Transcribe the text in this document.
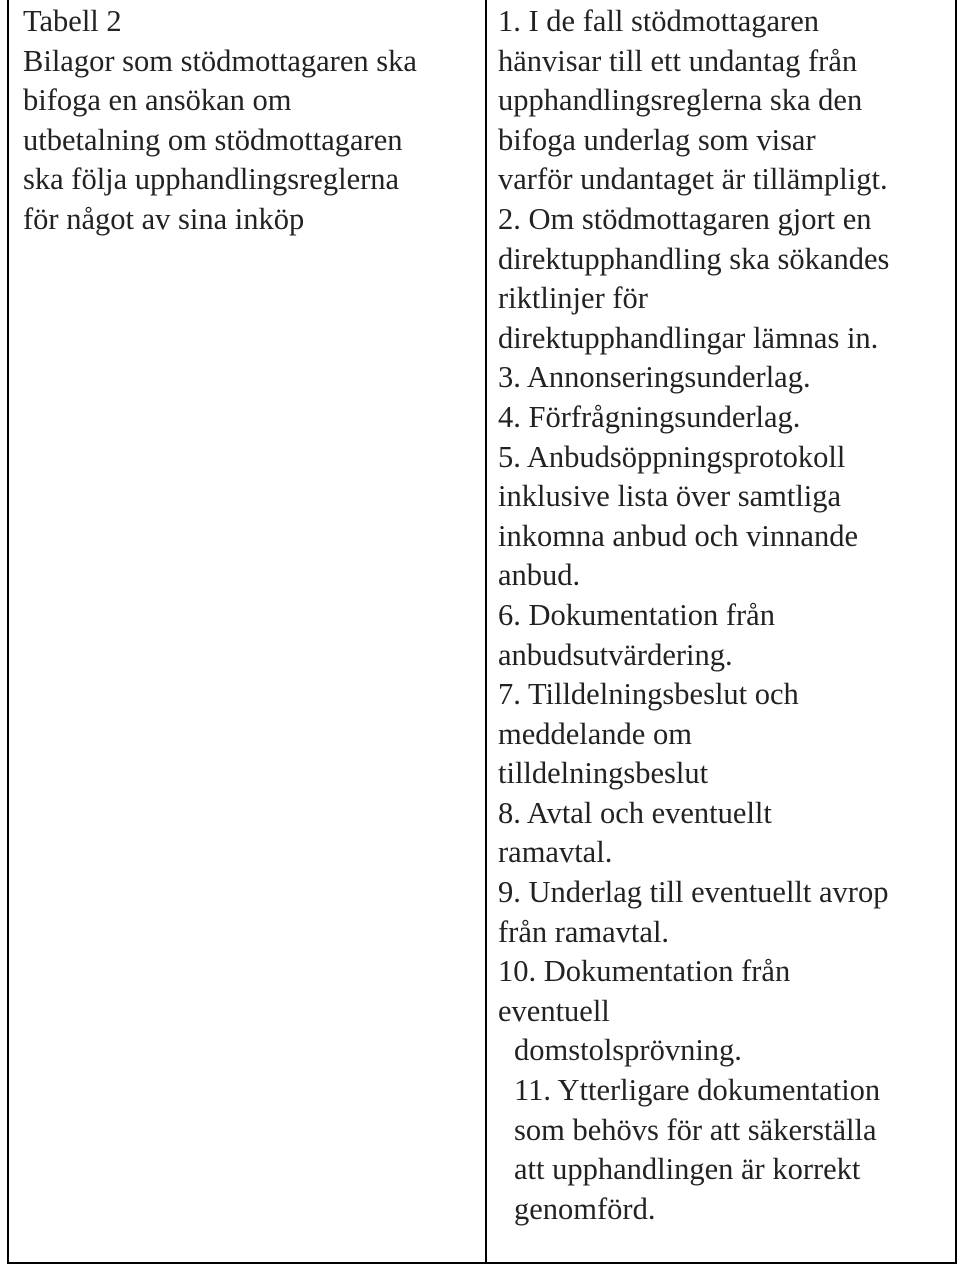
Tabell 2
Bilagor som stödmottagaren ska
bifoga en ansökan om
utbetalning om stödmottagaren
ska följa upphandlingsreglerna
för något av sina inköp
1. I de fall stödmottagaren
hänvisar till ett undantag från
upphandlingsreglerna ska den
bifoga underlag som visar
varför undantaget är tillämpligt.
2. Om stödmottagaren gjort en
direktupphandling ska sökandes
riktlinjer för
direktupphandlingar lämnas in.
3. Annonseringsunderlag.
4. Förfrågningsunderlag.
5. Anbudsöppningsprotokoll
inklusive lista över samtliga
inkomna anbud och vinnande
anbud.
6. Dokumentation från
anbudsutvärdering.
7. Tilldelningsbeslut och
meddelande om
tilldelningsbeslut
8. Avtal och eventuellt
ramavtal.
9. Underlag till eventuellt avrop
från ramavtal.
10. Dokumentation från
eventuell
domstolsprövning.
11. Ytterligare dokumentation
som behövs för att säkerställa
att upphandlingen är korrekt
genomförd.
